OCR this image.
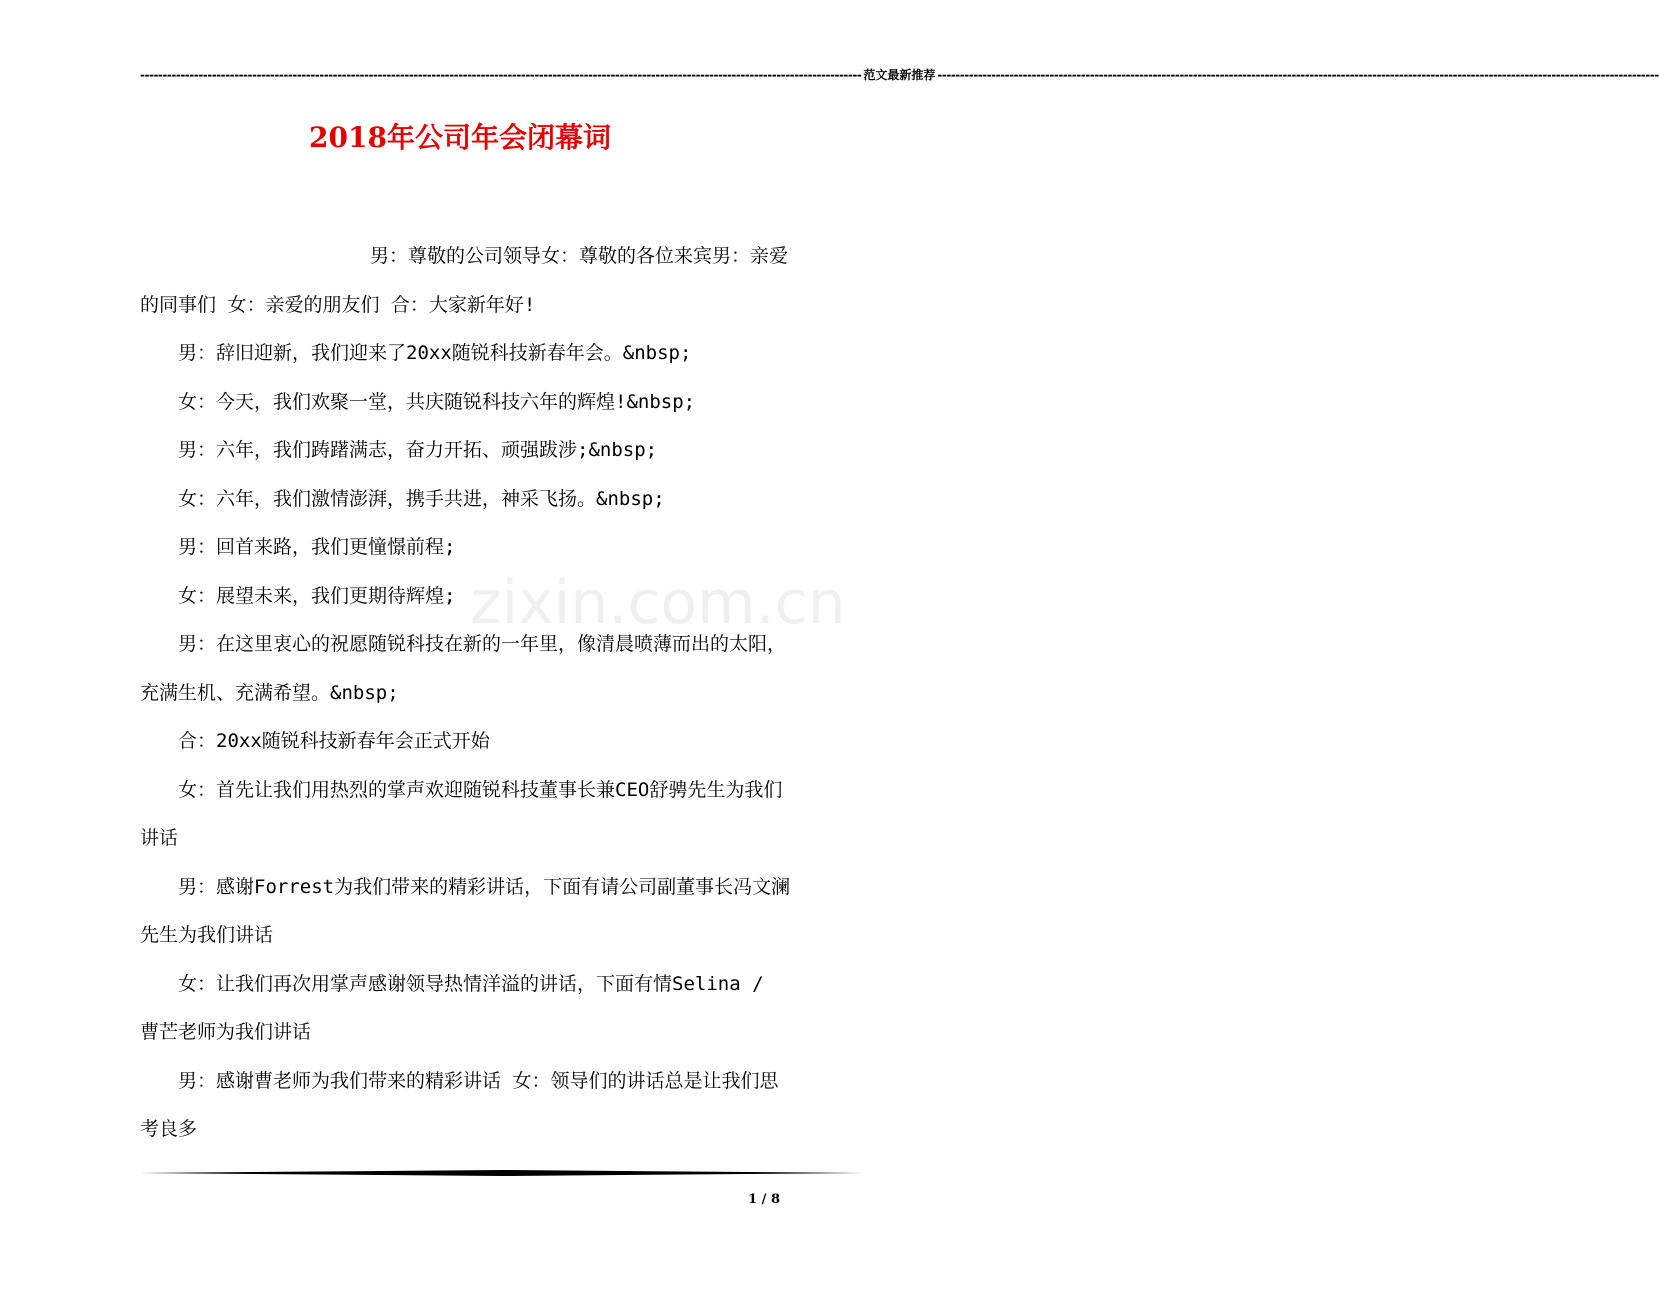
----------------------------------------------------------------------------------------------------------------------------------------------------------------- 范文最新推荐 -----------------------------------------------------------------------------------------------------------------------------------------------------------------
2018年公司年会闭幕词
zixin.com.cn

男：尊敬的公司领导女：尊敬的各位来宾男：亲爱的同事们 女：亲爱的朋友们 合：大家新年好!

男：辞旧迎新，我们迎来了20xx随锐科技新春年会。&nbsp;

女：今天，我们欢聚一堂，共庆随锐科技六年的辉煌!&nbsp;

男：六年，我们踌躇满志，奋力开拓、顽强跋涉;&nbsp;

女：六年，我们激情澎湃，携手共进，神采飞扬。&nbsp;

男：回首来路，我们更憧憬前程;

女：展望未来，我们更期待辉煌;

男：在这里衷心的祝愿随锐科技在新的一年里，像清晨喷薄而出的太阳，充满生机、充满希望。&nbsp;

合：20xx随锐科技新春年会正式开始

女：首先让我们用热烈的掌声欢迎随锐科技董事长兼CEO舒骋先生为我们讲话

男：感谢Forrest为我们带来的精彩讲话，下面有请公司副董事长冯文澜先生为我们讲话

女：让我们再次用掌声感谢领导热情洋溢的讲话，下面有情Selina / 曹芒老师为我们讲话

男：感谢曹老师为我们带来的精彩讲话 女：领导们的讲话总是让我们思考良多

1 / 8
